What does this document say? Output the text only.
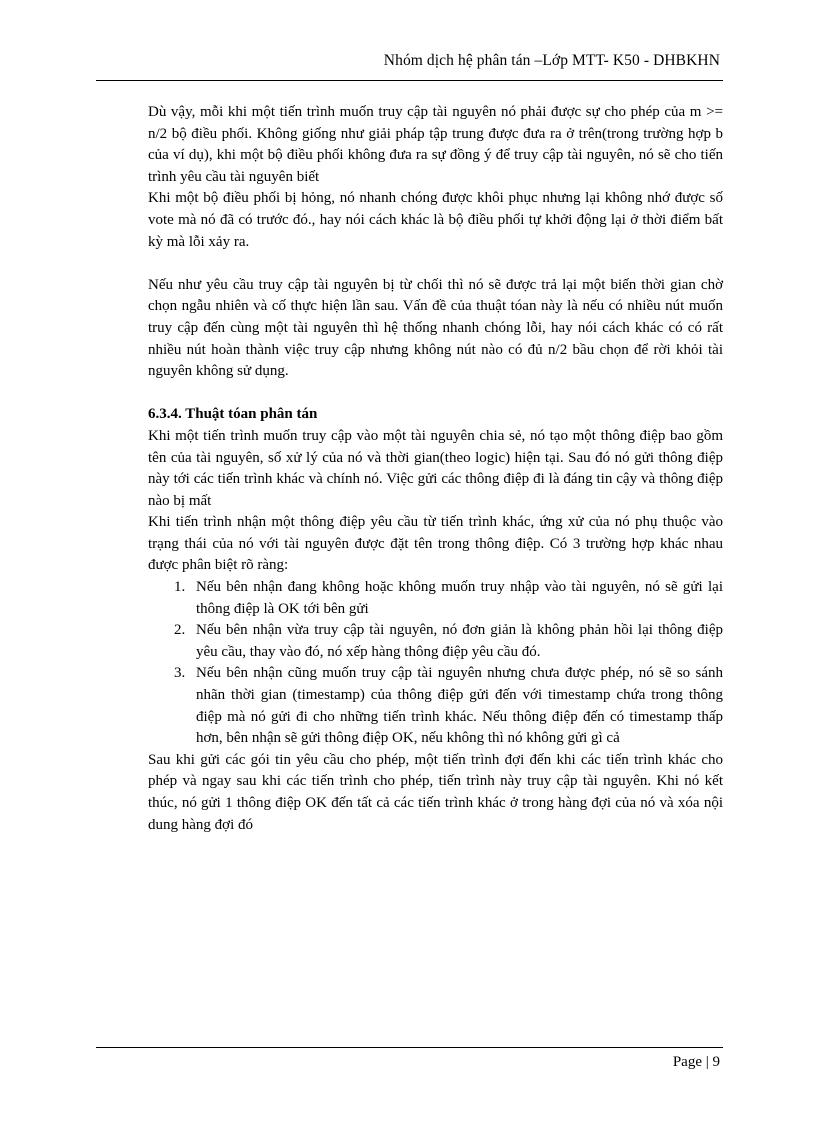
Nhóm dịch hệ phân tán –Lớp MTT- K50 - DHBKHN

Dù vậy, mỗi khi một tiến trình muốn truy cập tài nguyên nó phải được sự cho phép của m >= n/2 bộ điều phối. Không giống như giải pháp tập trung được đưa ra ở trên(trong trường hợp b của ví dụ), khi một bộ điều phối không đưa ra sự đồng ý để truy cập tài nguyên, nó sẽ cho tiến trình yêu cầu tài nguyên biết

Khi một bộ điều phối bị hỏng, nó nhanh chóng được khôi phục nhưng lại không nhớ được số vote mà nó đã có trước đó., hay nói cách khác là bộ điều phối tự khởi động lại ở thời điểm bất kỳ mà lỗi xảy ra.

Nếu như yêu cầu truy cập tài nguyên bị từ chối thì nó sẽ được trả lại một biến thời gian chờ chọn ngẫu nhiên và cố thực hiện lần sau. Vấn đề của thuật tóan này là nếu có nhiều nút muốn truy cập đến cùng một tài nguyên thì hệ thống nhanh chóng lỗi, hay nói cách khác có có rất nhiều nút hoàn thành việc truy cập nhưng không nút nào có đủ n/2 bầu chọn để rời khỏi tài nguyên không sử dụng.

6.3.4. Thuật tóan phân tán

Khi một tiến trình muốn truy cập vào một tài nguyên chia sẻ, nó tạo một thông điệp bao gồm tên của tài nguyên, số xử lý của nó và thời gian(theo logic) hiện tại. Sau đó nó gửi thông điệp này tới các tiến trình khác và chính nó. Việc gửi các thông điệp đi là đáng tin cậy và thông điệp nào bị mất

Khi tiến trình nhận một thông điệp yêu cầu từ tiến trình khác, ứng xử của nó phụ thuộc vào trạng thái của nó với tài nguyên được đặt tên trong thông điệp. Có 3 trường hợp khác nhau được phân biệt rõ ràng:

1. Nếu bên nhận đang không hoặc không muốn truy nhập vào tài nguyên, nó sẽ gửi lại thông điệp là OK tới bên gửi
2. Nếu bên nhận vừa truy cập tài nguyên, nó đơn giản là không phản hồi lại thông điệp yêu cầu, thay vào đó, nó xếp hàng thông điệp yêu cầu đó.
3. Nếu bên nhận cũng muốn truy cập tài nguyên nhưng chưa được phép, nó sẽ so sánh nhãn thời gian (timestamp) của thông điệp gửi đến với timestamp chứa trong thông điệp mà nó gửi đi cho những tiến trình khác. Nếu thông điệp đến có timestamp thấp hơn, bên nhận sẽ gửi thông điệp OK, nếu không thì nó không gửi gì cả

Sau khi gửi các gói tin yêu cầu cho phép, một tiến trình đợi đến khi các tiến trình khác cho phép và ngay sau khi các tiến trình cho phép, tiến trình này truy cập tài nguyên. Khi nó kết thúc, nó gửi 1 thông điệp OK đến tất cả các tiến trình khác ở trong hàng đợi của nó và xóa nội dung hàng đợi đó

Page | 9
